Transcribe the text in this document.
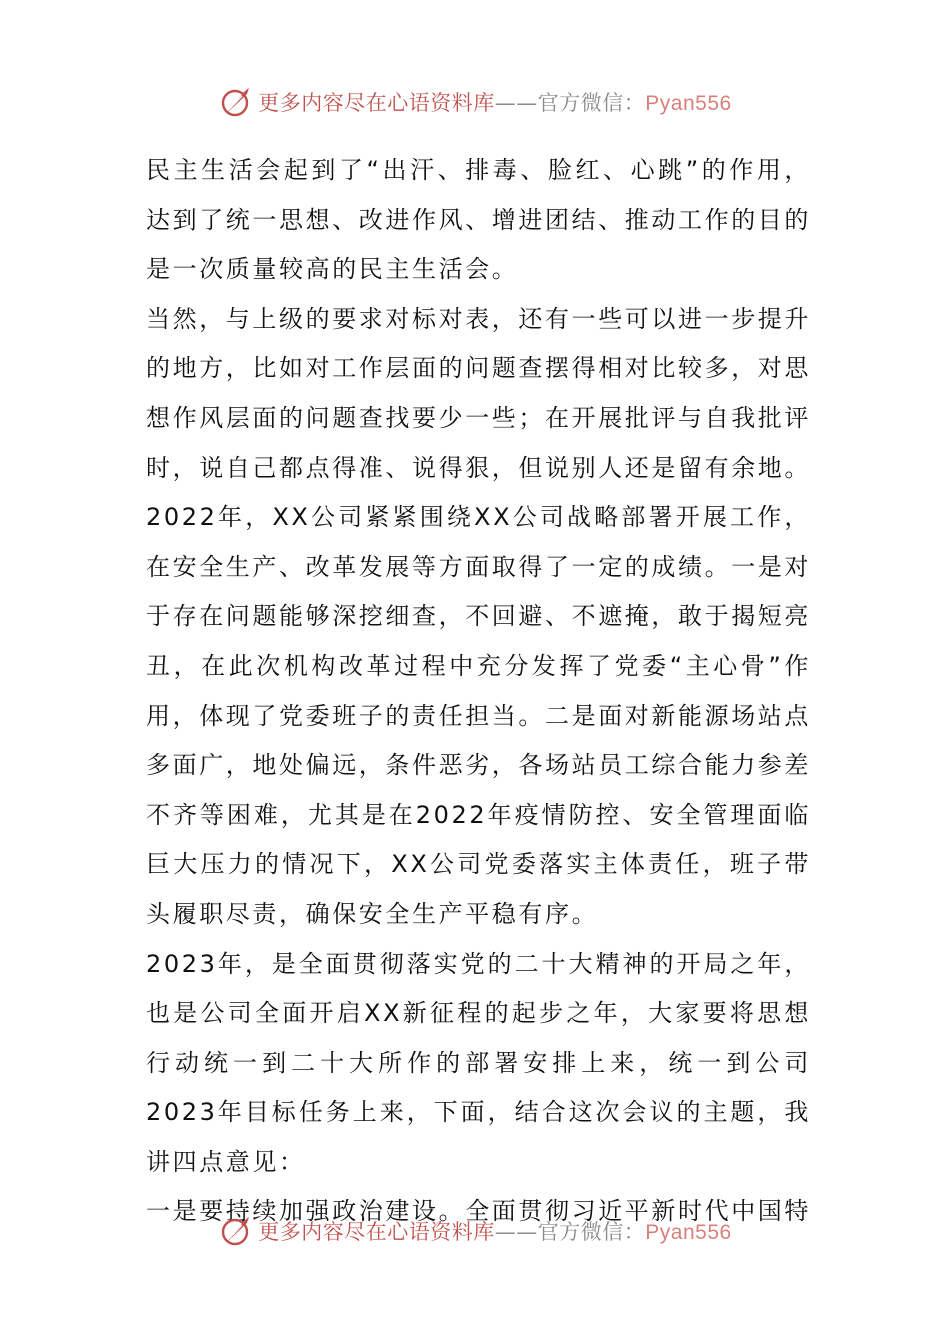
更多内容尽在心语资料库——官方微信：Pyan556

民主生活会起到了“出汗、排毒、脸红、心跳”的作用，达到了统一思想、改进作风、增进团结、推动工作的目的是一次质量较高的民主生活会。

当然，与上级的要求对标对表，还有一些可以进一步提升的地方，比如对工作层面的问题查摆得相对比较多，对思想作风层面的问题查找要少一些；在开展批评与自我批评时，说自己都点得准、说得狠，但说别人还是留有余地。

2022年，XX公司紧紧围绕XX公司战略部署开展工作，在安全生产、改革发展等方面取得了一定的成绩。一是对于存在问题能够深挖细查，不回避、不遮掩，敢于揭短亮丑，在此次机构改革过程中充分发挥了党委“主心骨”作用，体现了党委班子的责任担当。二是面对新能源场站点多面广，地处偏远，条件恶劣，各场站员工综合能力参差不齐等困难，尤其是在2022年疫情防控、安全管理面临巨大压力的情况下，XX公司党委落实主体责任，班子带头履职尽责，确保安全生产平稳有序。

2023年，是全面贯彻落实党的二十大精神的开局之年，也是公司全面开启XX新征程的起步之年，大家要将思想行动统一到二十大所作的部署安排上来，统一到公司2023年目标任务上来，下面，结合这次会议的主题，我讲四点意见：

一是要持续加强政治建设。全面贯彻习近平新时代中国特

更多内容尽在心语资料库——官方微信：Pyan556
